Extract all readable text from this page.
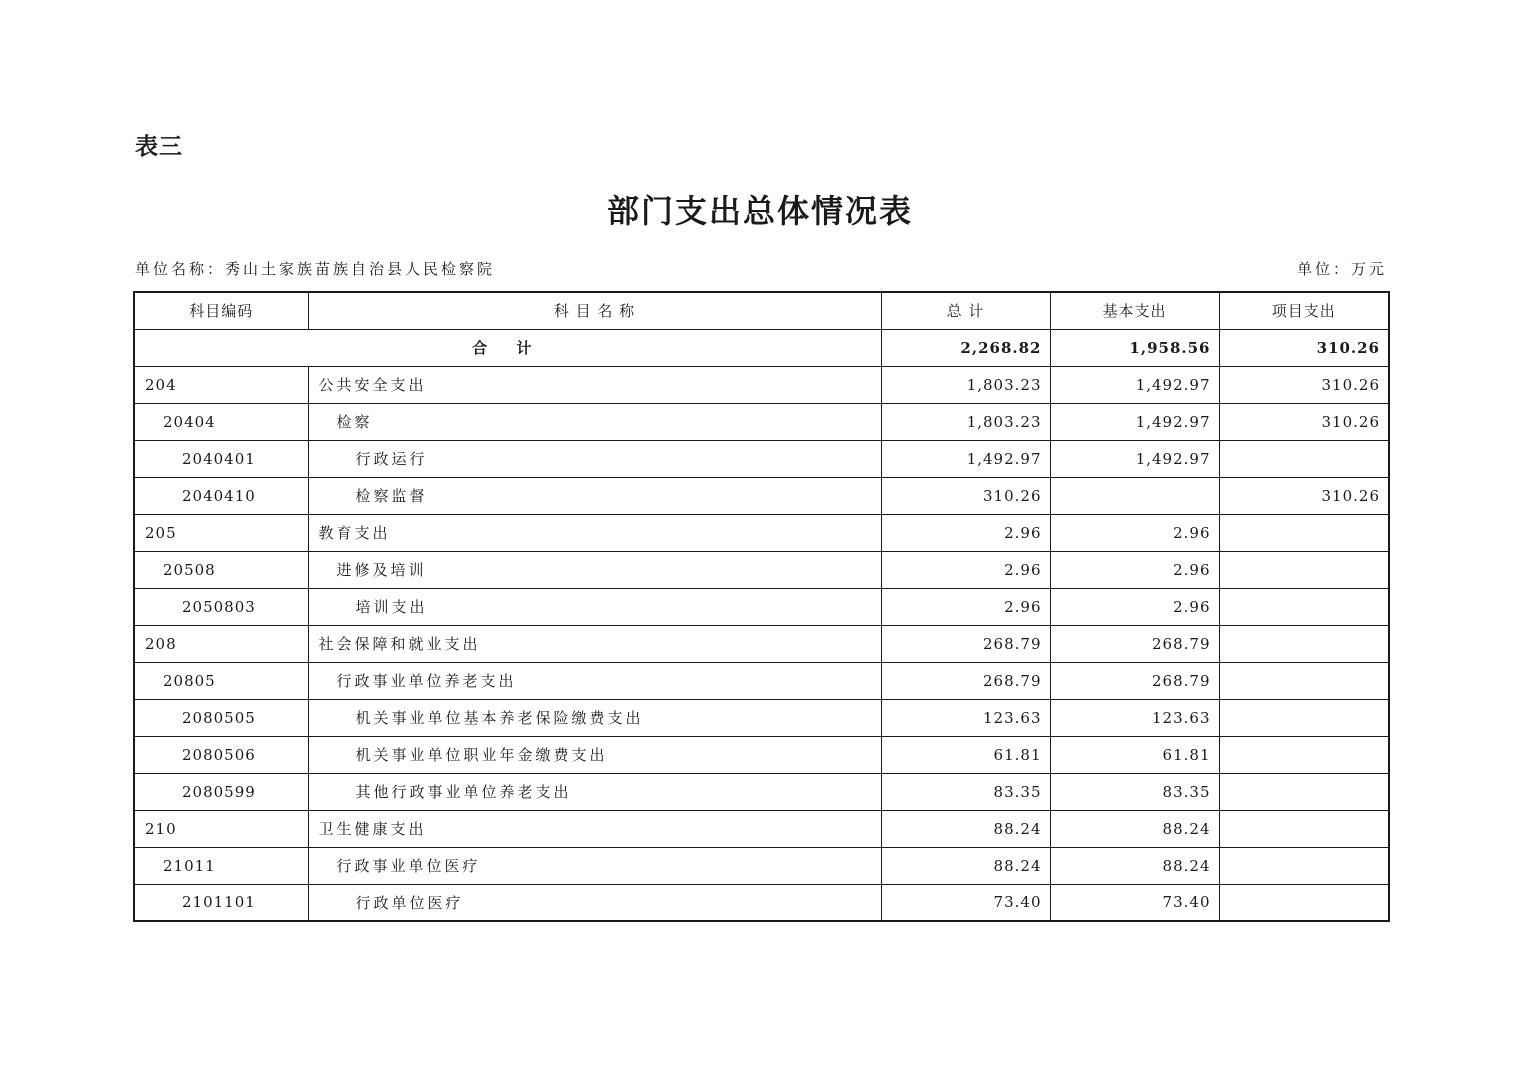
表三
部门支出总体情况表
单位名称：秀山土家族苗族自治县人民检察院	单位：万元
科目编码	科 目 名 称	总 计	基本支出	项目支出
合 计		2,268.82	1,958.56	310.26
204	公共安全支出	1,803.23	1,492.97	310.26
20404	检察	1,803.23	1,492.97	310.26
2040401	行政运行	1,492.97	1,492.97	
2040410	检察监督	310.26		310.26
205	教育支出	2.96	2.96	
20508	进修及培训	2.96	2.96	
2050803	培训支出	2.96	2.96	
208	社会保障和就业支出	268.79	268.79	
20805	行政事业单位养老支出	268.79	268.79	
2080505	机关事业单位基本养老保险缴费支出	123.63	123.63	
2080506	机关事业单位职业年金缴费支出	61.81	61.81	
2080599	其他行政事业单位养老支出	83.35	83.35	
210	卫生健康支出	88.24	88.24	
21011	行政事业单位医疗	88.24	88.24	
2101101	行政单位医疗	73.40	73.40	
